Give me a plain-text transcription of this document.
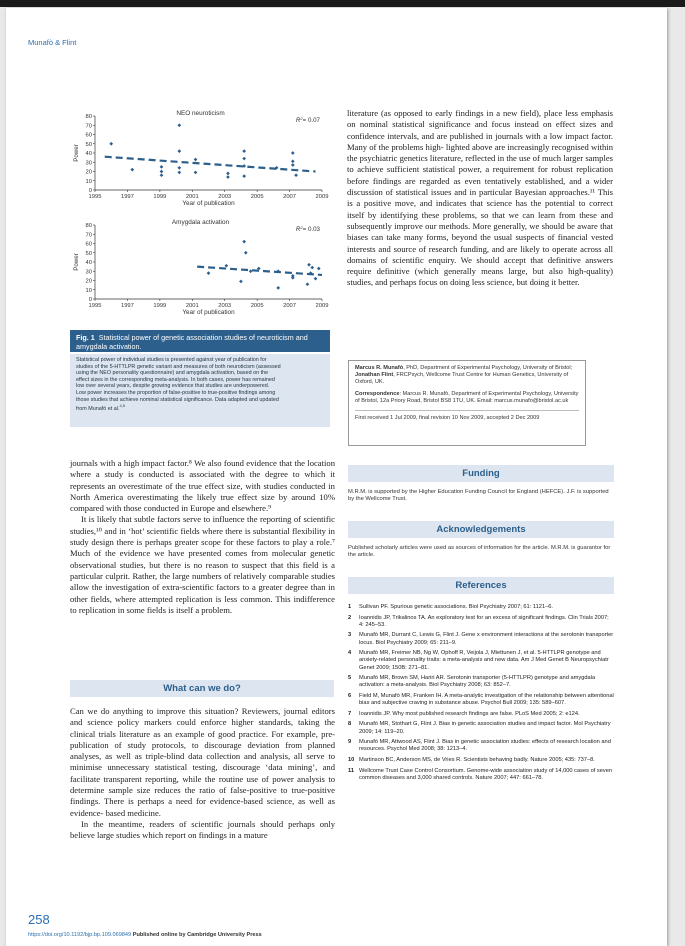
Munafò & Flint
0
10
20
30
40
50
60
70
80
1995	1997	1999	2001	2003	2005	2007	2009
Power
Year of publication
NEO neuroticism
$R^2= 0.07$
0
10
20
30
40
50
60
70
80
1995	1997	1999	2001	2003	2005	2007	2009
Power
Year of publication
Amygdala activation
$R^2= 0.03$
Fig. 1 Statistical power of genetic association studies of neuroticism and amygdala activation.
Statistical power of individual studies is presented against year of publication for
studies of the 5-HTTLPR genetic variant and measures of both neuroticism (assessed
using the NEO personality questionnaire) and amygdala activation, based on the
effect sizes in the corresponding meta-analysis. In both cases, power has remained
low over several years, despite growing evidence that studies are underpowered.
Low power increases the proportion of false-positive to true-positive findings among
those studies that achieve nominal statistical significance. Data adapted and updated
from Munafò et al.$^{4,5}$

literature (as opposed to early findings in a new field), place less emphasis on nominal statistical significance and focus instead on effect sizes and confidence intervals, and are published in journals with a low impact factor. Many of the problems high- lighted above are increasingly recognised within the psychiatric genetics literature, reflected in the use of much larger samples to achieve sufficient statistical power, a requirement for robust replication before findings are regarded as even tentatively established, and a wider discussion of statistical issues and in particular Bayesian approaches.¹¹ This is a positive move, and indicates that science has the potential to correct itself by identifying these problems, so that we can learn from these and subsequently improve our methods. More generally, we should be aware that biases can take many forms, beyond the usual suspects of financial vested interests and source of research funding, and are likely to operate across all domains of scientific enquiry. We should accept that definitive answers require definitive (which generally means large, but also high-quality) studies, and perhaps focus on doing less science, but doing it better.

Marcus R. Munafò, PhD, Department of Experimental Psychology, University of Bristol; Jonathan Flint, FRCPsych, Wellcome Trust Centre for Human Genetics, University of Oxford, UK.

Correspondence: Marcus R. Munafò, Department of Experimental Psychology, University of Bristol, 12a Priory Road, Bristol BS8 1TU, UK. Email: marcus.munafo@bristol.ac.uk

First received 1 Jul 2009, final revision 10 Nov 2009, accepted 2 Dec 2009

journals with a high impact factor.⁸ We also found evidence that the location where a study is conducted is associated with the degree to which it represents an overestimate of the true effect size, with studies conducted in North America overestimating the likely true effect size by around 10% compared with those conducted in Europe and elsewhere.⁹

It is likely that subtle factors serve to influence the reporting of scientific studies,¹⁰ and in ‘hot’ scientific fields where there is substantial flexibility in study design there is perhaps greater scope for these factors to play a role.⁷ Much of the evidence we have presented comes from molecular genetic observational studies, but there is no reason to suspect that this field is a particular culprit. Rather, the large numbers of relatively comparable studies allow the investigation of extra-scientific factors to a greater degree than in other fields, where attempted replication is less common. This indifference to replication in some fields is itself a problem.

What can we do?

Can we do anything to improve this situation? Reviewers, journal editors and science policy markers could enforce higher standards, taking the clinical trials literature as an example of good practice. For example, pre-publication of study protocols, to discourage deviation from planned analyses, as well as triple-blind data collection and analysis, all serve to minimise unnecessary statistical testing, discourage ‘data mining’, and facilitate transparent reporting, while the routine use of power analysis to determine sample size reduces the ratio of false-positive to true-positive findings. There is perhaps a need for evidence-based science, as well as evidence- based medicine.

In the meantime, readers of scientific journals should perhaps only believe large studies which report on findings in a mature

Funding
M.R.M. is supported by the Higher Education Funding Council for England (HEFCE). J.F. is supported by the Wellcome Trust.
Acknowledgements
Published scholarly articles were used as sources of information for the article. M.R.M. is guarantor for the article.
References
1 Sullivan PF. Spurious genetic associations. Biol Psychiatry 2007; 61: 1121–6.
2 Ioannidis JP, Trikalinos TA. An exploratory test for an excess of significant findings. Clin Trials 2007; 4: 245–53.
3 Munafò MR, Durrant C, Lewis G, Flint J. Gene x environment interactions at the serotonin transporter locus. Biol Psychiatry 2009; 65: 211–9.
4 Munafò MR, Freimer NB, Ng W, Ophoff R, Veijola J, Miettunen J, et al. 5-HTTLPR genotype and anxiety-related personality traits: a meta-analysis and new data. Am J Med Genet B Neuropsychiatr Genet 2009; 150B: 271–81.
5 Munafò MR, Brown SM, Hariri AR. Serotonin transporter (5-HTTLPR) genotype and amygdala activation: a meta-analysis. Biol Psychiatry 2008; 63: 852–7.
6 Field M, Munafò MR, Franken IH. A meta-analytic investigation of the relationship between attentional bias and subjective craving in substance abuse. Psychol Bull 2009; 135: 589–607.
7 Ioannidis JP. Why most published research findings are false. PLoS Med 2005; 2: e124.
8 Munafò MR, Stothart G, Flint J. Bias in genetic association studies and impact factor. Mol Psychiatry 2009; 14: 119–20.
9 Munafò MR, Attwood AS, Flint J. Bias in genetic association studies: effects of research location and resources. Psychol Med 2008; 38: 1213–4.
10 Martinson BC, Anderson MS, de Vries R. Scientists behaving badly. Nature 2005; 435: 737–8.
11 Wellcome Trust Case Control Consortium. Genome-wide association study of 14,000 cases of seven common diseases and 3,000 shared controls. Nature 2007; 447: 661–78.
258
https://doi.org/10.1192/bjp.bp.109.069849 Published online by Cambridge University Press
